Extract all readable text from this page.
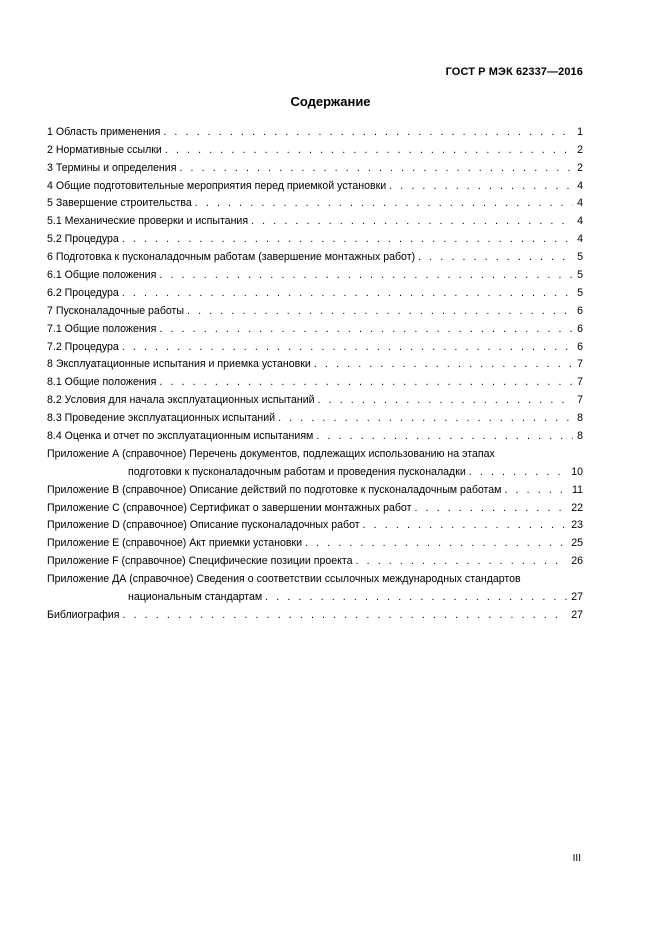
ГОСТ Р МЭК 62337—2016
Содержание
1 Область применения . . .	1
2 Нормативные ссылки . . .	2
3 Термины и определения . . .	2
4 Общие подготовительные мероприятия перед приемкой установки . . .	4
5 Завершение строительства . . .	4
5.1 Механические проверки и испытания . . .	4
5.2 Процедура . . .	4
6 Подготовка к пусконаладочным работам (завершение монтажных работ) . . .	5
6.1 Общие положения . . .	5
6.2 Процедура . . .	5
7 Пусконаладочные работы . . .	6
7.1 Общие положения . . .	6
7.2 Процедура . . .	6
8 Эксплуатационные испытания и приемка установки . . .	7
8.1 Общие положения . . .	7
8.2 Условия для начала эксплуатационных испытаний . . .	7
8.3 Проведение эксплуатационных испытаний . . .	8
8.4 Оценка и отчет по эксплуатационным испытаниям . . .	8
Приложение А (справочное) Перечень документов, подлежащих использованию на этапах
подготовки к пусконаладочным работам и проведения пусконаладки . . .	10
Приложение В (справочное) Описание действий по подготовке к пусконаладочным работам . . .	11
Приложение С (справочное) Сертификат о завершении монтажных работ . . .	22
Приложение D (справочное) Описание пусконаладочных работ . . .	23
Приложение Е (справочное) Акт приемки установки . . .	25
Приложение F (справочное) Специфические позиции проекта . . .	26
Приложение ДА (справочное) Сведения о соответствии ссылочных международных стандартов
национальным стандартам . . .	27
Библиография . . .	27
III
